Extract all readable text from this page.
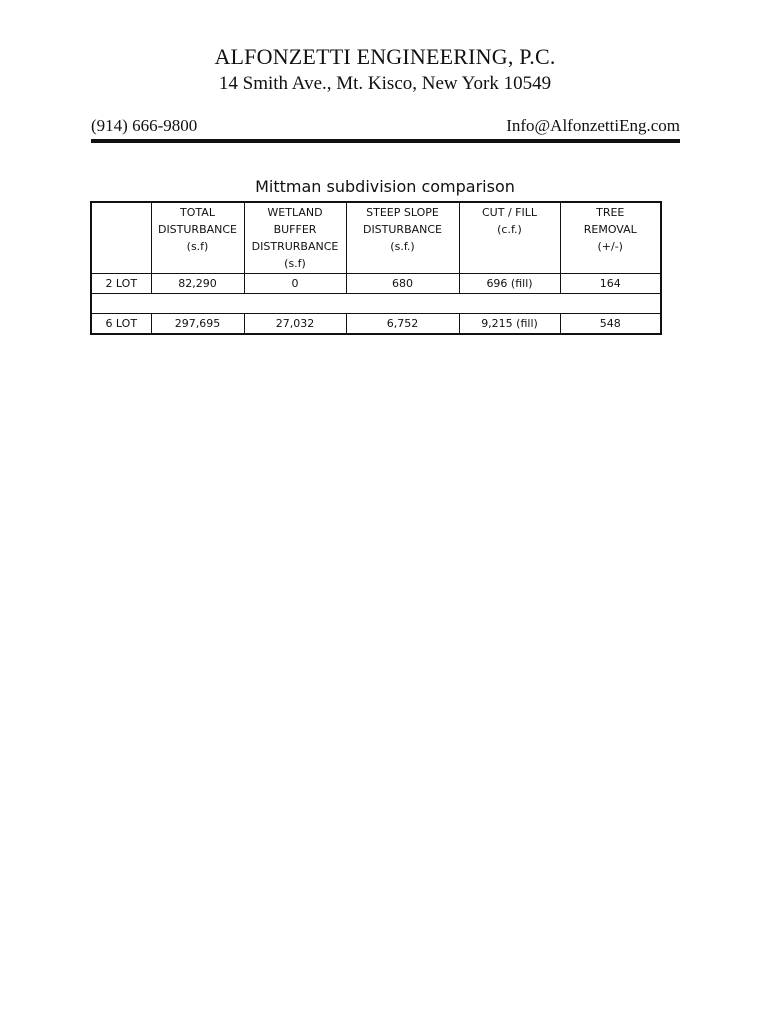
ALFONZETTI ENGINEERING, P.C.
14 Smith Ave., Mt. Kisco, New York 10549
(914) 666-9800	Info@AlfonzettiEng.com
Mittman subdivision comparison

	TOTAL
DISTURBANCE
(s.f)	WETLAND
BUFFER
DISTRURBANCE
(s.f)	STEEP SLOPE
DISTURBANCE
(s.f.)	CUT / FILL
(c.f.)	TREE
REMOVAL
(+/-)

2 LOT	82,290	0	680	696 (fill)	164

6 LOT	297,695	27,032	6,752	9,215 (fill)	548
